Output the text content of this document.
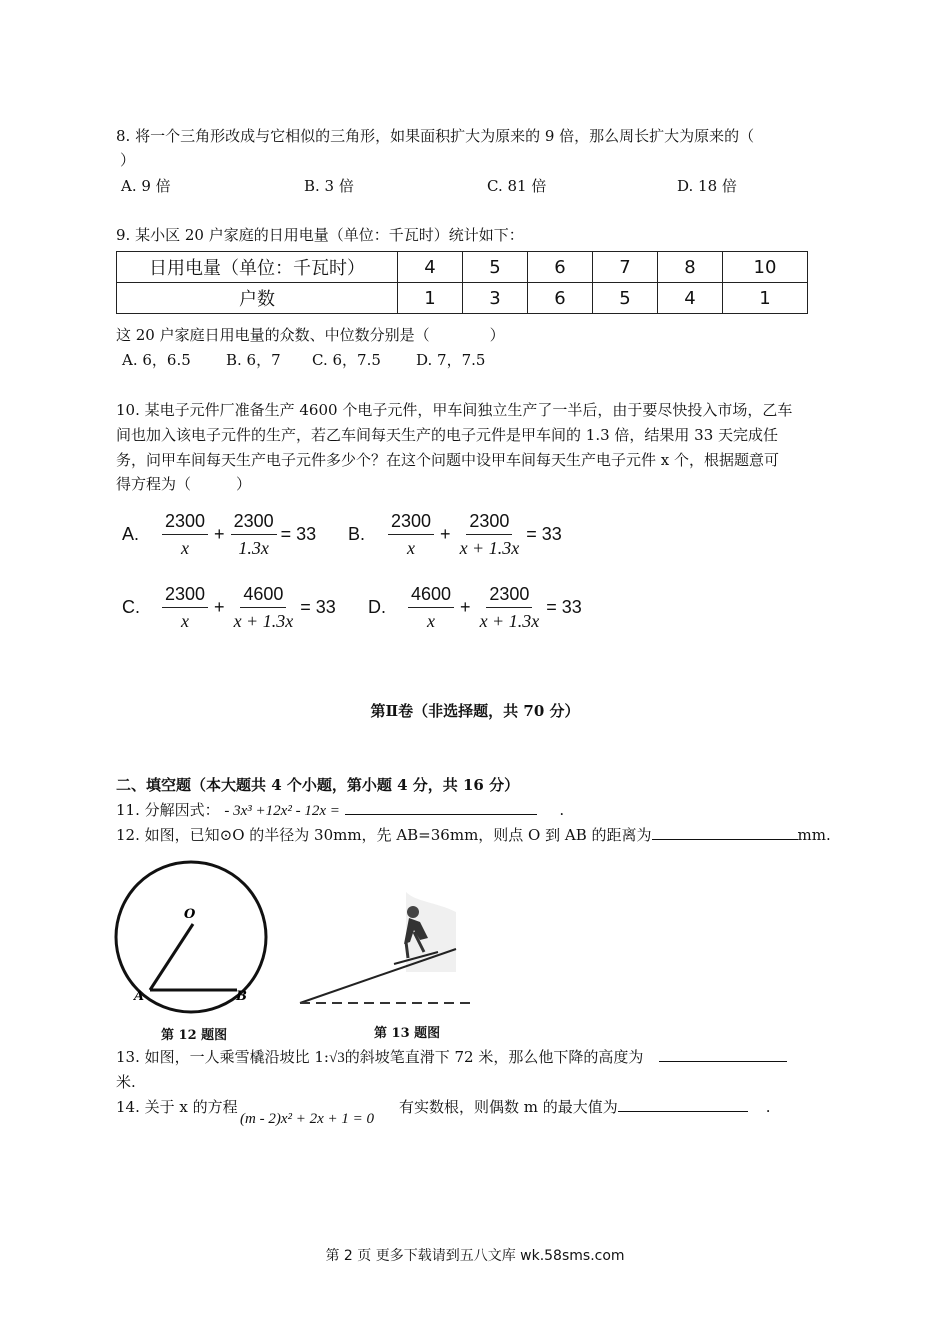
8. 将一个三角形改成与它相似的三角形，如果面积扩大为原来的 9 倍，那么周长扩大为原来的（
）
A. 9 倍	B. 3 倍	C. 81 倍	D. 18 倍
9. 某小区 20 户家庭的日用电量（单位：千瓦时）统计如下：
日用电量（单位：千瓦时）	4	5	6	7	8	10
户数	1	3	6	5	4	1
这 20 户家庭日用电量的众数、中位数分别是（　　　　）
A. 6，6.5 B. 6，7 C. 6，7.5 D. 7，7.5
10. 某电子元件厂准备生产 4600 个电子元件，甲车间独立生产了一半后，由于要尽快投入市场，乙车
间也加入该电子元件的生产，若乙车间每天生产的电子元件是甲车间的 1.3 倍，结果用 33 天完成任
务，问甲车间每天生产电子元件多少个？在这个问题中设甲车间每天生产电子元件 x 个，根据题意可
得方程为（　　　）
A.	$\frac{2300}{x} + \frac{2300}{1.3x} = 33$ B.	$\frac{2300}{x} + \frac{2300}{x + 1.3x} = 33$
C.	$\frac{2300}{x} + \frac{4600}{x + 1.3x} = 33$ D.	$\frac{4600}{x} + \frac{2300}{x + 1.3x} = 33$
第Ⅱ卷（非选择题，共 70 分）
二、填空题（本大题共 4 个小题，第小题 4 分，共 16 分）
11. 分解因式： - 3x³ +12x² - 12x =	.
12. 如图，已知⊙O 的半径为 30mm，先 AB=36mm，则点 O 到 AB 的距离为	mm.
O
A	B
第 12 题图	第 13 题图
13. 如图，一人乘雪橇沿坡比 1:√3的斜坡笔直滑下 72 米，那么他下降的高度为
米.
14. 关于 x 的方程
(m - 2)x² + 2x + 1 = 0
有实数根，则偶数 m 的最大值为	.
第 2 页 更多下载请到五八文库 wk.58sms.com
